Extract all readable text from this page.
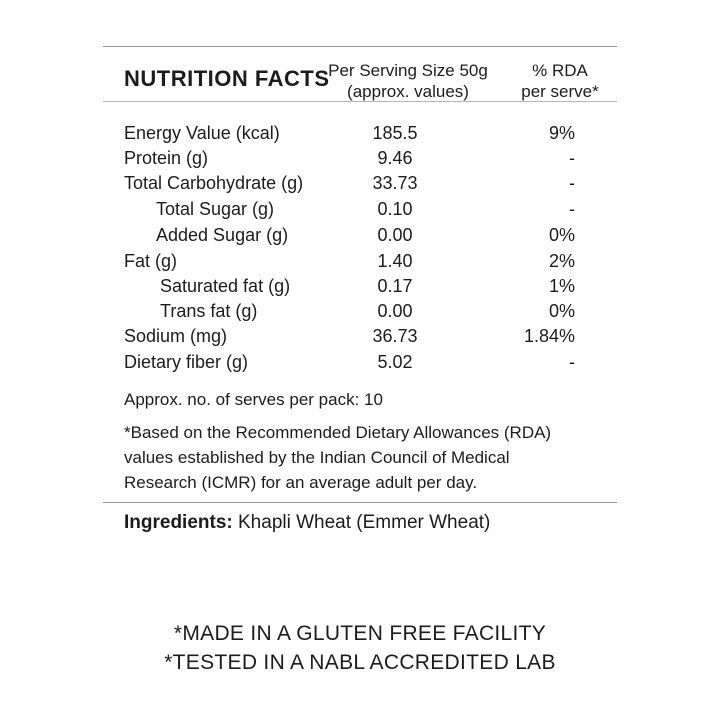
NUTRITION FACTS
Per Serving Size 50g
(approx. values)
% RDA
per serve*
Energy Value (kcal)	185.5	9%
Protein (g)	9.46	-
Total Carbohydrate (g)	33.73	-
Total Sugar (g)	0.10	-
Added Sugar (g)	0.00	0%
Fat (g)	1.40	2%
Saturated fat (g)	0.17	1%
Trans fat (g)	0.00	0%
Sodium (mg)	36.73	1.84%
Dietary fiber (g)	5.02	-
Approx. no. of serves per pack: 10
*Based on the Recommended Dietary Allowances (RDA)
values established by the Indian Council of Medical
Research (ICMR) for an average adult per day.
Ingredients: Khapli Wheat (Emmer Wheat)
*MADE IN A GLUTEN FREE FACILITY
*TESTED IN A NABL ACCREDITED LAB
